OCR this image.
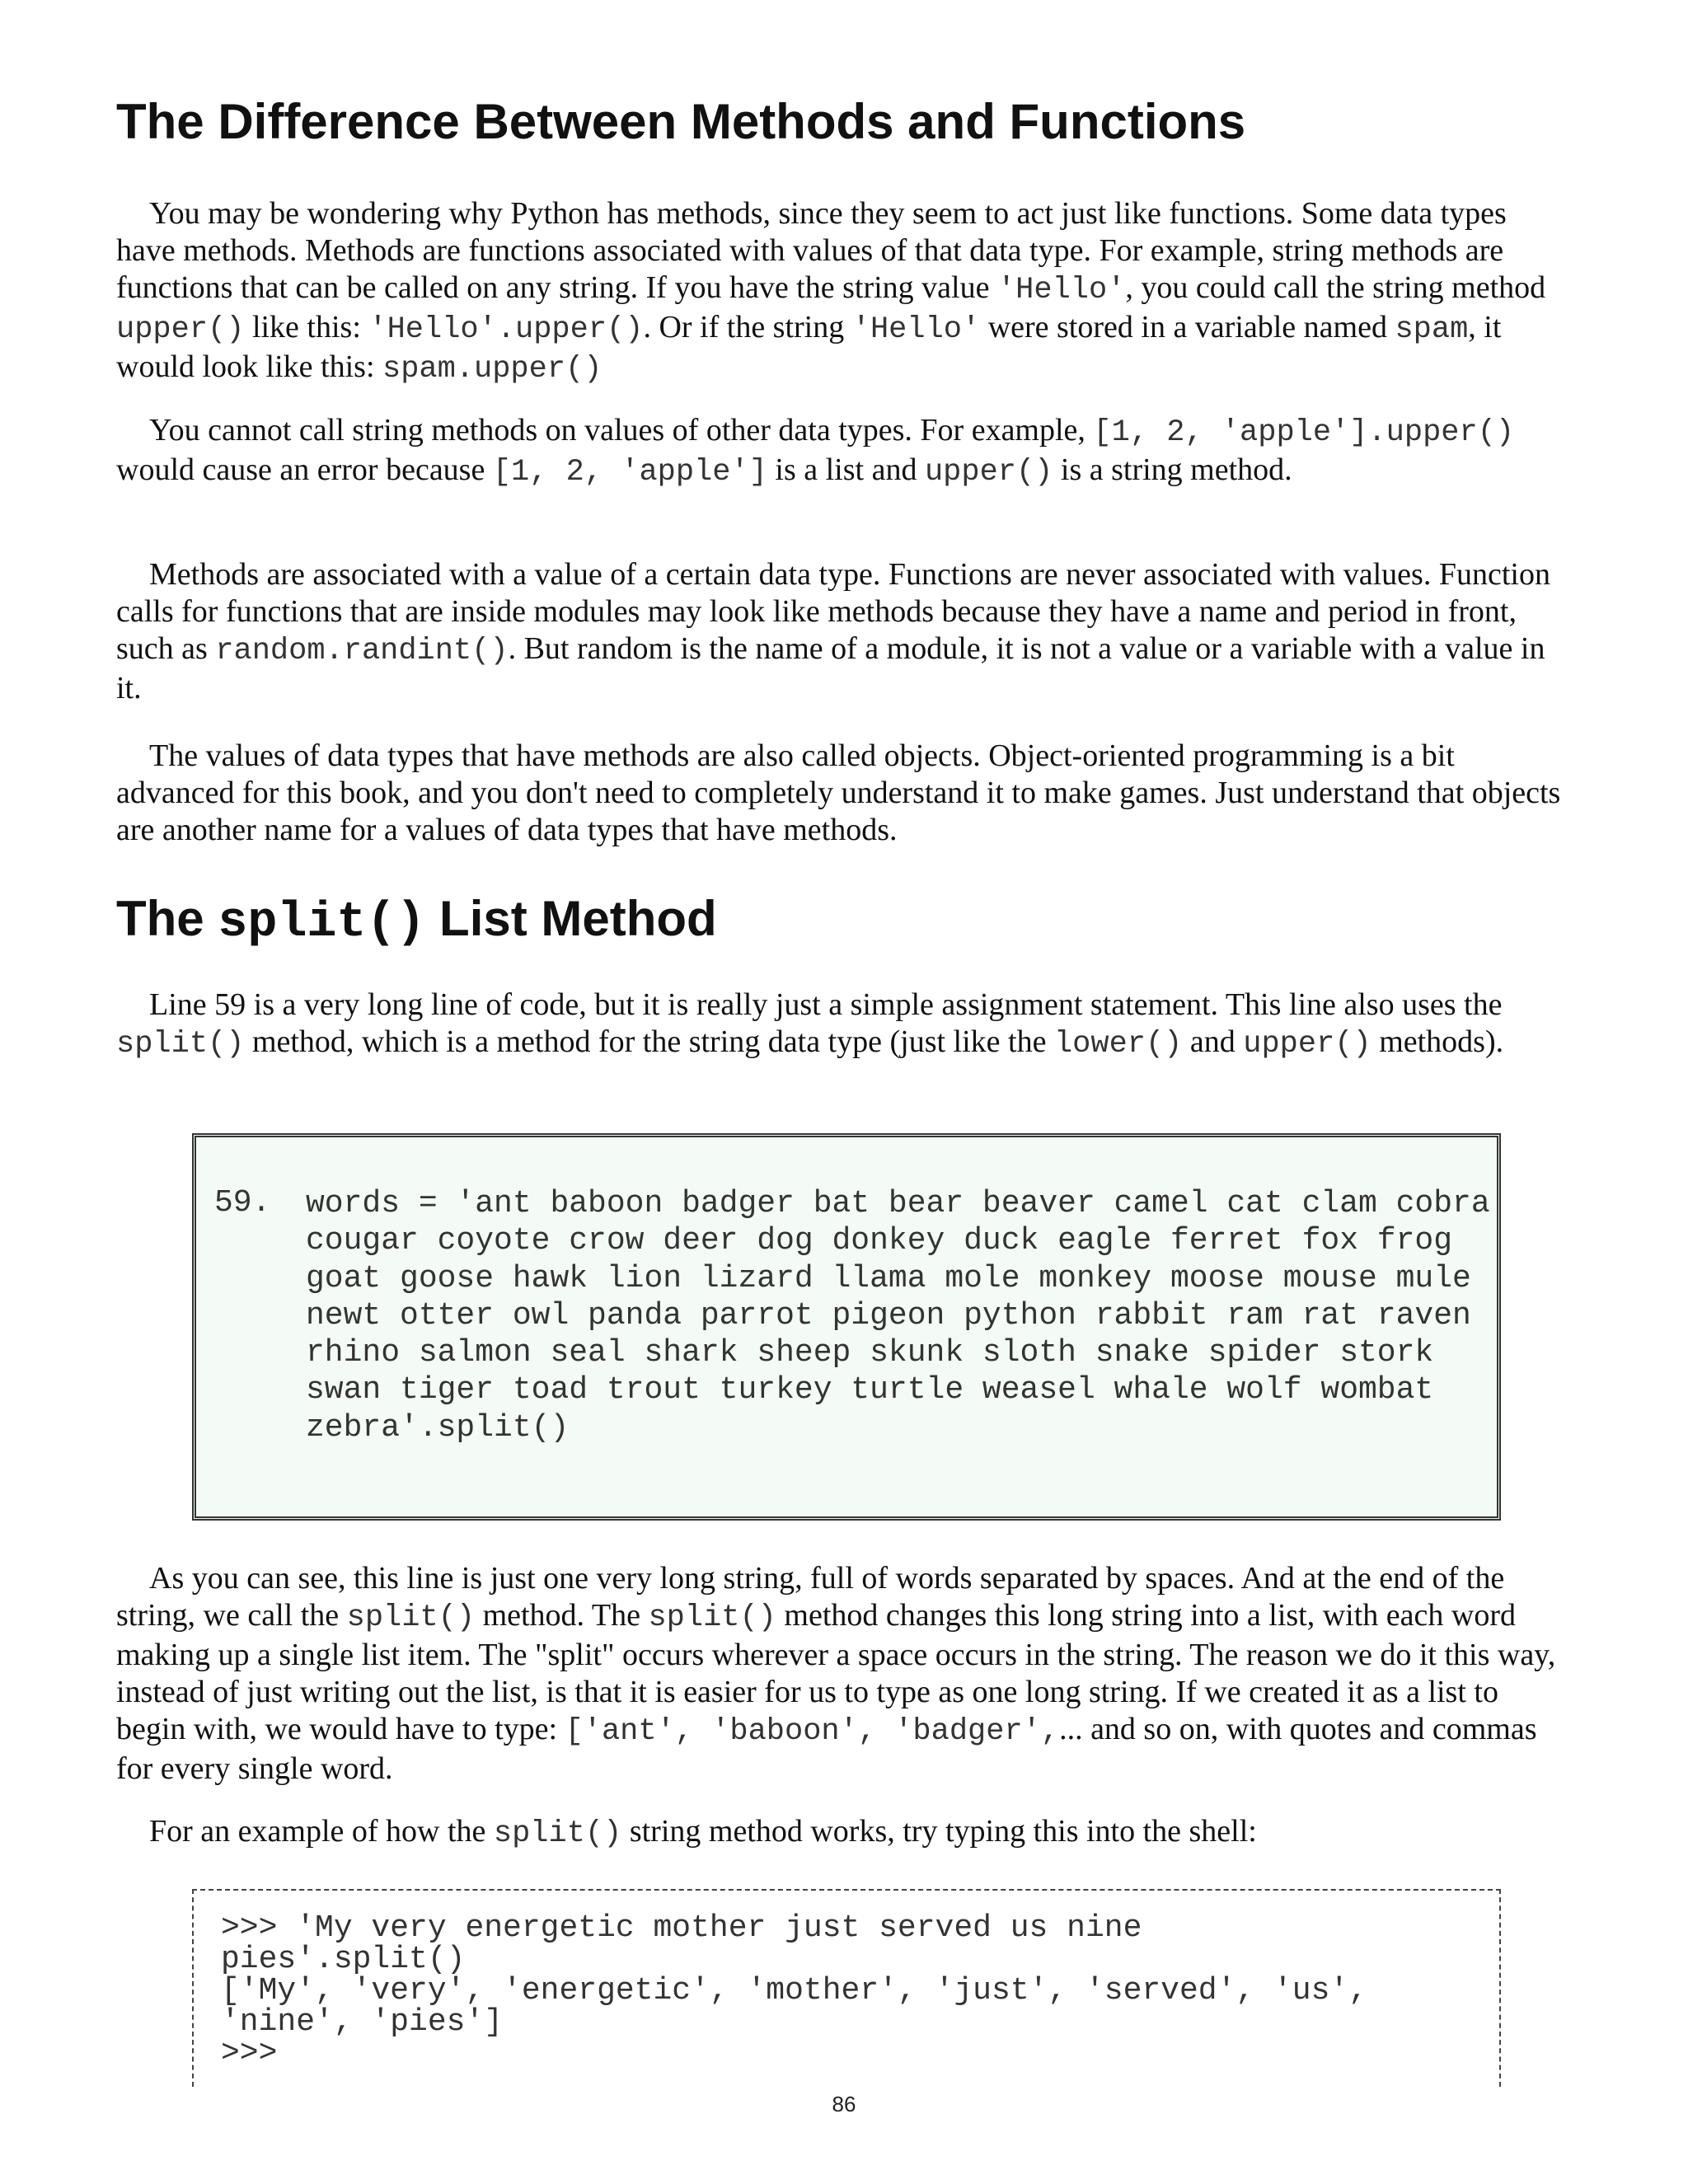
The Difference Between Methods and Functions

You may be wondering why Python has methods, since they seem to act just like functions. Some data types have methods. Methods are functions associated with values of that data type. For example, string methods are functions that can be called on any string. If you have the string value 'Hello', you could call the string method upper() like this: 'Hello'.upper(). Or if the string 'Hello' were stored in a variable named spam, it would look like this: spam.upper()

You cannot call string methods on values of other data types. For example, [1, 2, 'apple'].upper() would cause an error because [1, 2, 'apple'] is a list and upper() is a string method.

Methods are associated with a value of a certain data type. Functions are never associated with values. Function calls for functions that are inside modules may look like methods because they have a name and period in front, such as random.randint(). But random is the name of a module, it is not a value or a variable with a value in it.

The values of data types that have methods are also called objects. Object-oriented programming is a bit advanced for this book, and you don't need to completely understand it to make games. Just understand that objects are another name for a values of data types that have methods.

The split() List Method

Line 59 is a very long line of code, but it is really just a simple assignment statement. This line also uses the split() method, which is a method for the string data type (just like the lower() and upper() methods).

59. words = 'ant baboon badger bat bear beaver camel cat clam cobra cougar coyote crow deer dog donkey duck eagle ferret fox frog goat goose hawk lion lizard llama mole monkey moose mouse mule newt otter owl panda parrot pigeon python rabbit ram rat raven rhino salmon seal shark sheep skunk sloth snake spider stork swan tiger toad trout turkey turtle weasel whale wolf wombat zebra'.split()

As you can see, this line is just one very long string, full of words separated by spaces. And at the end of the string, we call the split() method. The split() method changes this long string into a list, with each word making up a single list item. The "split" occurs wherever a space occurs in the string. The reason we do it this way, instead of just writing out the list, is that it is easier for us to type as one long string. If we created it as a list to begin with, we would have to type: ['ant', 'baboon', 'badger',... and so on, with quotes and commas for every single word.

For an example of how the split() string method works, try typing this into the shell:

>>> 'My very energetic mother just served us nine
pies'.split()
['My', 'very', 'energetic', 'mother', 'just', 'served', 'us',
'nine', 'pies']
>>>
86
